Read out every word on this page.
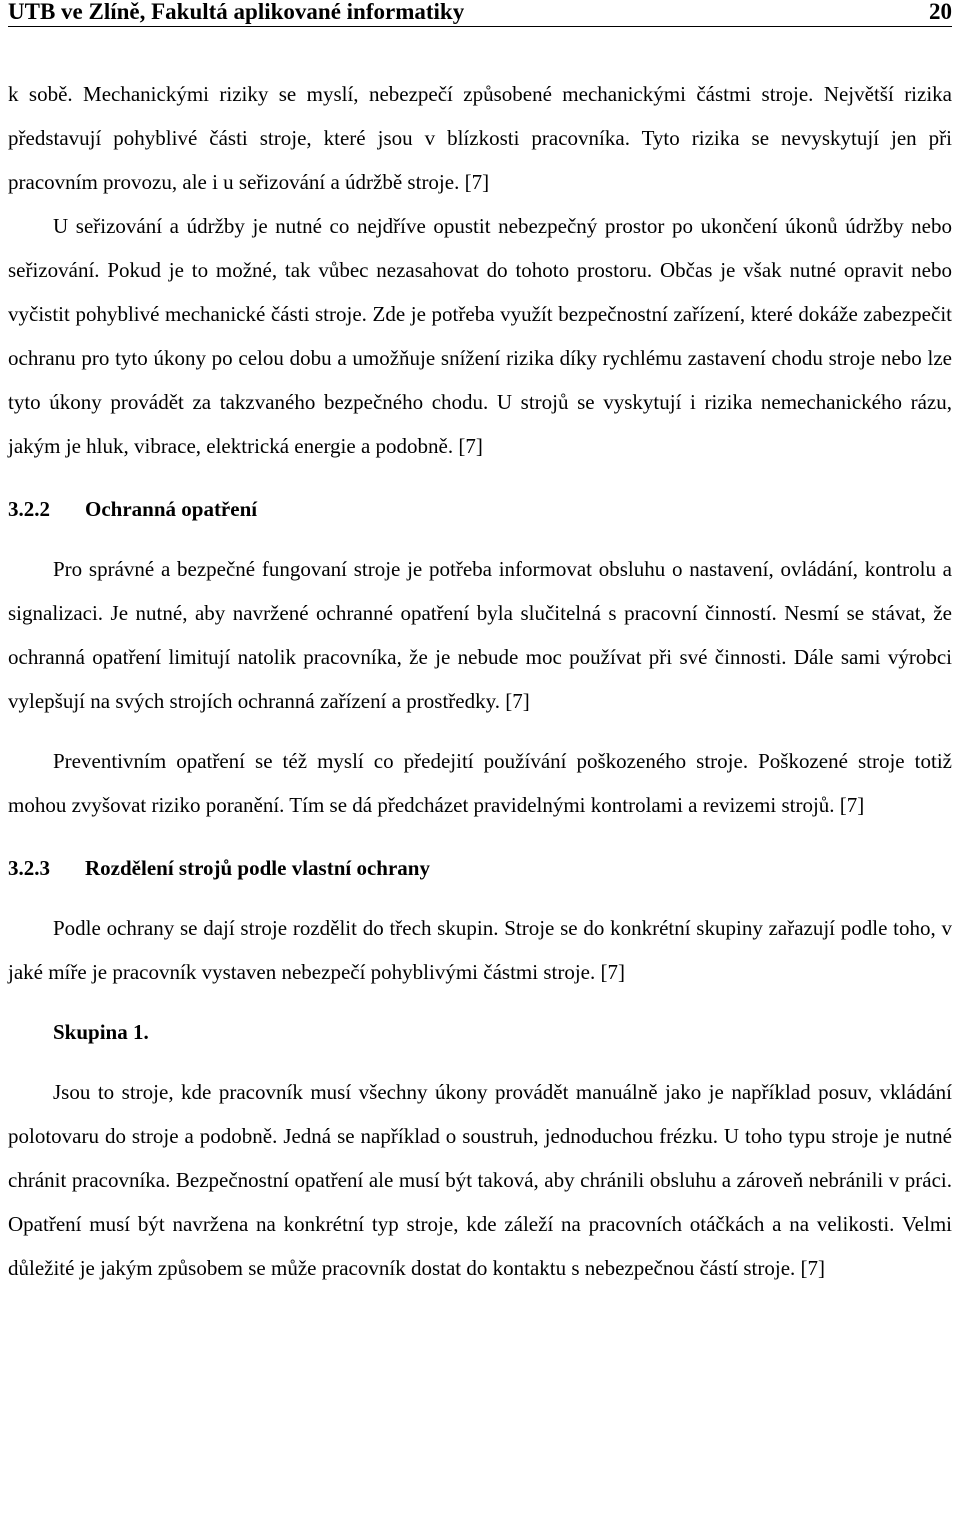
UTB ve Zlíně, Fakultá aplikované informatiky	20

k sobě. Mechanickými riziky se myslí, nebezpečí způsobené mechanickými částmi stroje. Největší rizika představují pohyblivé části stroje, které jsou v blízkosti pracovníka. Tyto rizika se nevyskytují jen při pracovním provozu, ale i u seřizování a údržbě stroje. [7]

U seřizování a údržby je nutné co nejdříve opustit nebezpečný prostor po ukončení úkonů údržby nebo seřizování. Pokud je to možné, tak vůbec nezasahovat do tohoto prostoru. Občas je však nutné opravit nebo vyčistit pohyblivé mechanické části stroje. Zde je potřeba využít bezpečnostní zařízení, které dokáže zabezpečit ochranu pro tyto úkony po celou dobu a umožňuje snížení rizika díky rychlému zastavení chodu stroje nebo lze tyto úkony provádět za takzvaného bezpečného chodu. U strojů se vyskytují i rizika nemechanického rázu, jakým je hluk, vibrace, elektrická energie a podobně. [7]

3.2.2	Ochranná opatření

Pro správné a bezpečné fungovaní stroje je potřeba informovat obsluhu o nastavení, ovládání, kontrolu a signalizaci. Je nutné, aby navržené ochranné opatření byla slučitelná s pracovní činností. Nesmí se stávat, že ochranná opatření limitují natolik pracovníka, že je nebude moc používat při své činnosti. Dále sami výrobci vylepšují na svých strojích ochranná zařízení a prostředky. [7]

Preventivním opatření se též myslí co předejití používání poškozeného stroje. Poškozené stroje totiž mohou zvyšovat riziko poranění. Tím se dá předcházet pravidelnými kontrolami a revizemi strojů. [7]

3.2.3	Rozdělení strojů podle vlastní ochrany

Podle ochrany se dají stroje rozdělit do třech skupin. Stroje se do konkrétní skupiny zařazují podle toho, v jaké míře je pracovník vystaven nebezpečí pohyblivými částmi stroje. [7]

Skupina 1.

Jsou to stroje, kde pracovník musí všechny úkony provádět manuálně jako je například posuv, vkládání polotovaru do stroje a podobně. Jedná se například o soustruh, jednoduchou frézku. U toho typu stroje je nutné chránit pracovníka. Bezpečnostní opatření ale musí být taková, aby chránili obsluhu a zároveň nebránili v práci. Opatření musí být navržena na konkrétní typ stroje, kde záleží na pracovních otáčkách a na velikosti. Velmi důležité je jakým způsobem se může pracovník dostat do kontaktu s nebezpečnou částí stroje. [7]
